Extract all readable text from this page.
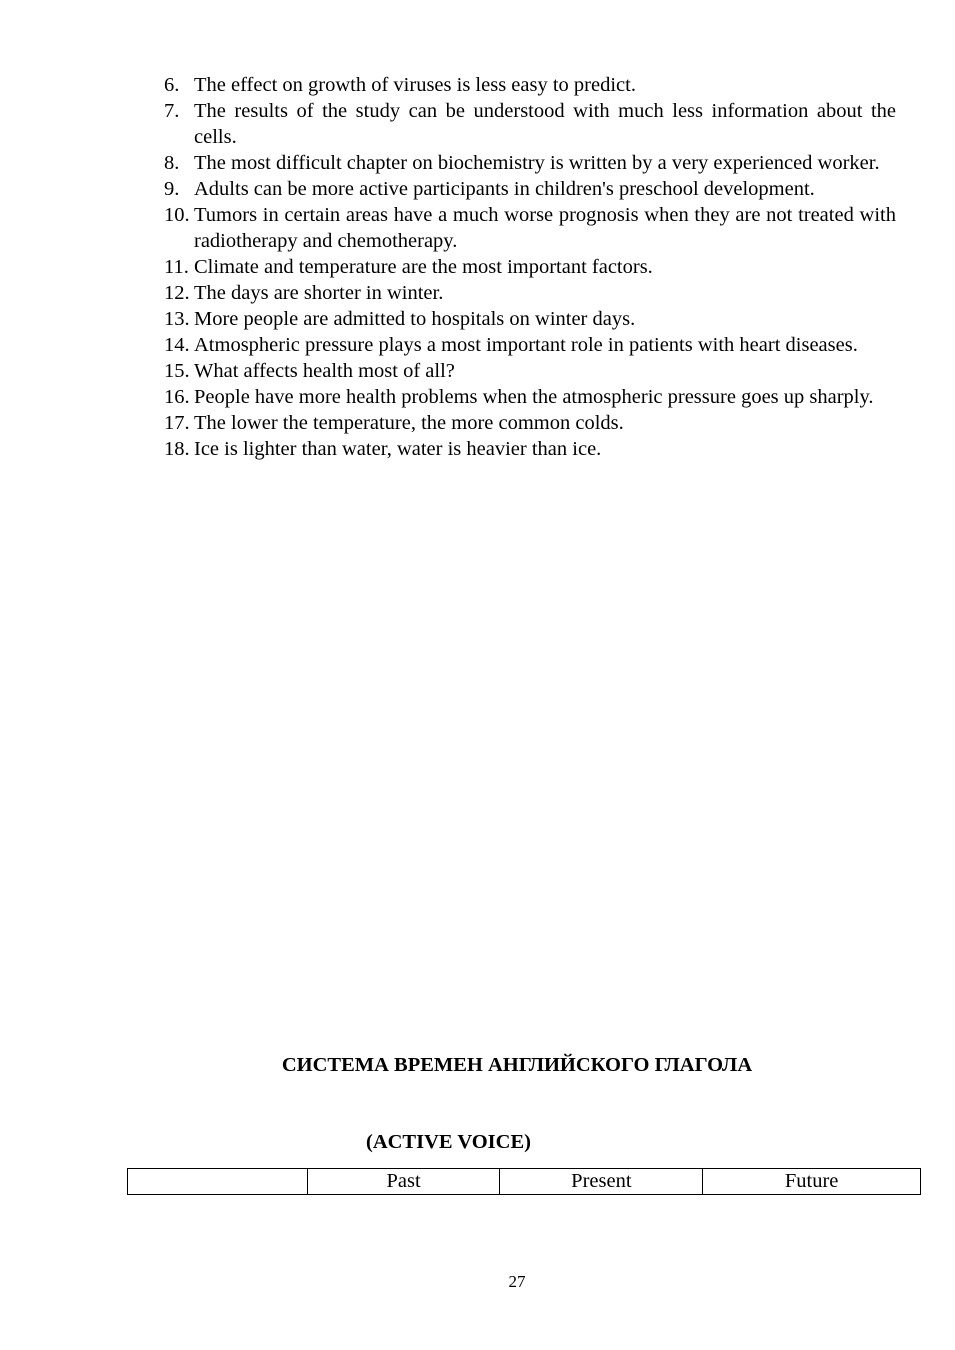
6. The effect on growth of viruses is less easy to predict.
7. The results of the study can be understood with much less information about the cells.
8. The most difficult chapter on biochemistry is written by a very experienced worker.
9. Adults can be more active participants in children's preschool development.
10. Tumors in certain areas have a much worse prognosis when they are not treated with radiotherapy and chemotherapy.
11. Climate and temperature are the most important factors.
12. The days are shorter in winter.
13. More people are admitted to hospitals on winter days.
14. Atmospheric pressure plays a most important role in patients with heart diseases.
15. What affects health most of all?
16. People have more health problems when the atmospheric pressure goes up sharply.
17. The lower the temperature, the more common colds.
18. Ice is lighter than water, water is heavier than ice.
СИСТЕМА ВРЕМЕН АНГЛИЙСКОГО ГЛАГОЛА
(ACTIVE VOICE)
	Past	Present	Future
27
